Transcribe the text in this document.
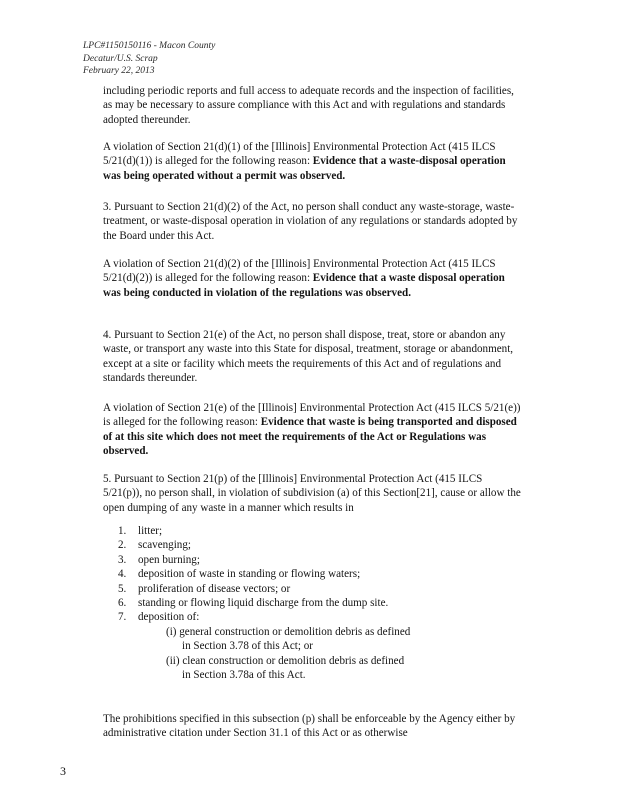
LPC#1150150116 - Macon County
Decatur/U.S. Scrap
February 22, 2013

including periodic reports and full access to adequate records and the inspection of facilities, as may be necessary to assure compliance with this Act and with regulations and standards adopted thereunder.

A violation of Section 21(d)(1) of the [Illinois] Environmental Protection Act (415 ILCS 5/21(d)(1)) is alleged for the following reason: Evidence that a waste-disposal operation was being operated without a permit was observed.

3. Pursuant to Section 21(d)(2) of the Act, no person shall conduct any waste-storage, waste-treatment, or waste-disposal operation in violation of any regulations or standards adopted by the Board under this Act.

A violation of Section 21(d)(2) of the [Illinois] Environmental Protection Act (415 ILCS 5/21(d)(2)) is alleged for the following reason: Evidence that a waste disposal operation was being conducted in violation of the regulations was observed.

4. Pursuant to Section 21(e) of the Act, no person shall dispose, treat, store or abandon any waste, or transport any waste into this State for disposal, treatment, storage or abandonment, except at a site or facility which meets the requirements of this Act and of regulations and standards thereunder.

A violation of Section 21(e) of the [Illinois] Environmental Protection Act (415 ILCS 5/21(e)) is alleged for the following reason: Evidence that waste is being transported and disposed of at this site which does not meet the requirements of the Act or Regulations was observed.

5. Pursuant to Section 21(p) of the [Illinois] Environmental Protection Act (415 ILCS 5/21(p)), no person shall, in violation of subdivision (a) of this Section[21], cause or allow the open dumping of any waste in a manner which results in

1.	litter;
2.	scavenging;
3.	open burning;
4.	deposition of waste in standing or flowing waters;
5.	proliferation of disease vectors; or
6.	standing or flowing liquid discharge from the dump site.
7.	deposition of:
(i) general construction or demolition debris as defined
in Section 3.78 of this Act; or
(ii) clean construction or demolition debris as defined
in Section 3.78a of this Act.

The prohibitions specified in this subsection (p) shall be enforceable by the Agency either by administrative citation under Section 31.1 of this Act or as otherwise

3
